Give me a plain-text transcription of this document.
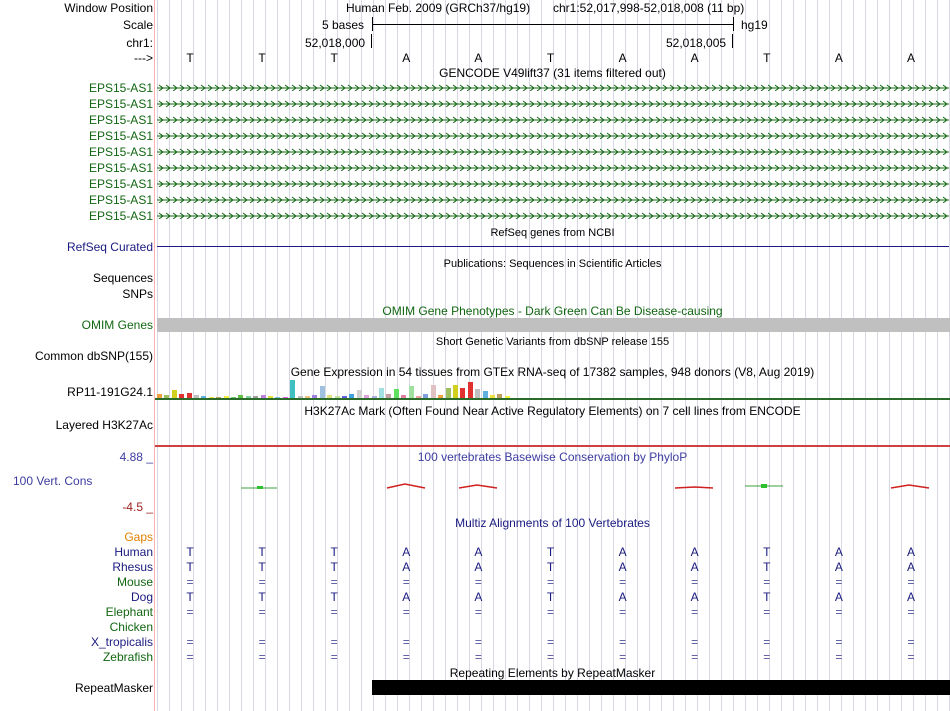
Window Position
Scale
chr1:
--->
Human Feb. 2009 (GRCh37/hg19) chr1:52,017,998-52,018,008 (11 bp)
5 bases	hg19
52,018,000	52,018,005
T	T	T	A	A	T	A	A	T	A	A
GENCODE V49lift37 (31 items filtered out)
EPS15-AS1
EPS15-AS1
EPS15-AS1
EPS15-AS1
EPS15-AS1
EPS15-AS1
EPS15-AS1
EPS15-AS1
EPS15-AS1
RefSeq genes from NCBI
RefSeq Curated
Publications: Sequences in Scientific Articles
Sequences
SNPs
OMIM Gene Phenotypes - Dark Green Can Be Disease-causing
OMIM Genes
Short Genetic Variants from dbSNP release 155
Common dbSNP(155)
Gene Expression in 54 tissues from GTEx RNA-seq of 17382 samples, 948 donors (V8, Aug 2019)
RP11-191G24.1
H3K27Ac Mark (Often Found Near Active Regulatory Elements) on 7 cell lines from ENCODE
Layered H3K27Ac
100 vertebrates Basewise Conservation by PhyloP
4.88 _
100 Vert. Cons
-4.5 _
Multiz Alignments of 100 Vertebrates
Gaps
Human	T	T	T	A	A	T	A	A	T	A	A
Rhesus	T	T	T	A	A	T	A	A	T	A	A
Mouse	=	=	=	=	=	=	=	=	=	=	=
Dog	T	T	T	A	A	T	A	A	T	A	A
Elephant	=	=	=	=	=	=	=	=	=	=	=
Chicken
X_tropicalis	=	=	=	=	=	=	=	=	=	=	=
Zebrafish	=	=	=	=	=	=	=	=	=	=	=
Repeating Elements by RepeatMasker
RepeatMasker
